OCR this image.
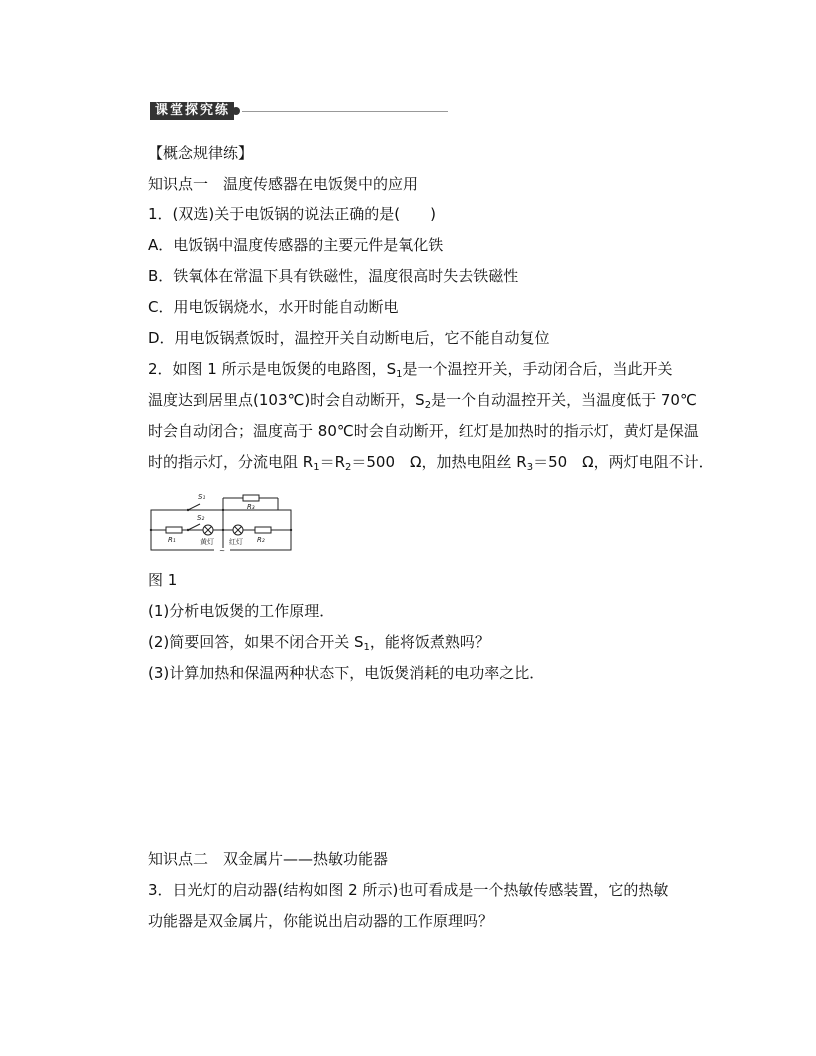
课堂探究练
【概念规律练】
知识点一　温度传感器在电饭煲中的应用
1．(双选)关于电饭锅的说法正确的是(　　)
A．电饭锅中温度传感器的主要元件是氧化铁
B．铁氧体在常温下具有铁磁性，温度很高时失去铁磁性
C．用电饭锅烧水，水开时能自动断电
D．用电饭锅煮饭时，温控开关自动断电后，它不能自动复位
2．如图 1 所示是电饭煲的电路图，$S_1$是一个温控开关，手动闭合后，当此开关
温度达到居里点(103℃)时会自动断开，$S_2$是一个自动温控开关，当温度低于 70℃
时会自动闭合；温度高于 80℃时会自动断开，红灯是加热时的指示灯，黄灯是保温
时的指示灯，分流电阻 $R_1=R_2=500$　Ω，加热电阻丝 $R_3=50$　Ω，两灯电阻不计．
~
S₁
S₂
R₃
R₁	R₂
黄灯 红灯
图 1
(1)分析电饭煲的工作原理．
(2)简要回答，如果不闭合开关 $S_1$，能将饭煮熟吗？
(3)计算加热和保温两种状态下，电饭煲消耗的电功率之比．
知识点二　双金属片——热敏功能器
3．日光灯的启动器(结构如图 2 所示)也可看成是一个热敏传感装置，它的热敏
功能器是双金属片，你能说出启动器的工作原理吗？
